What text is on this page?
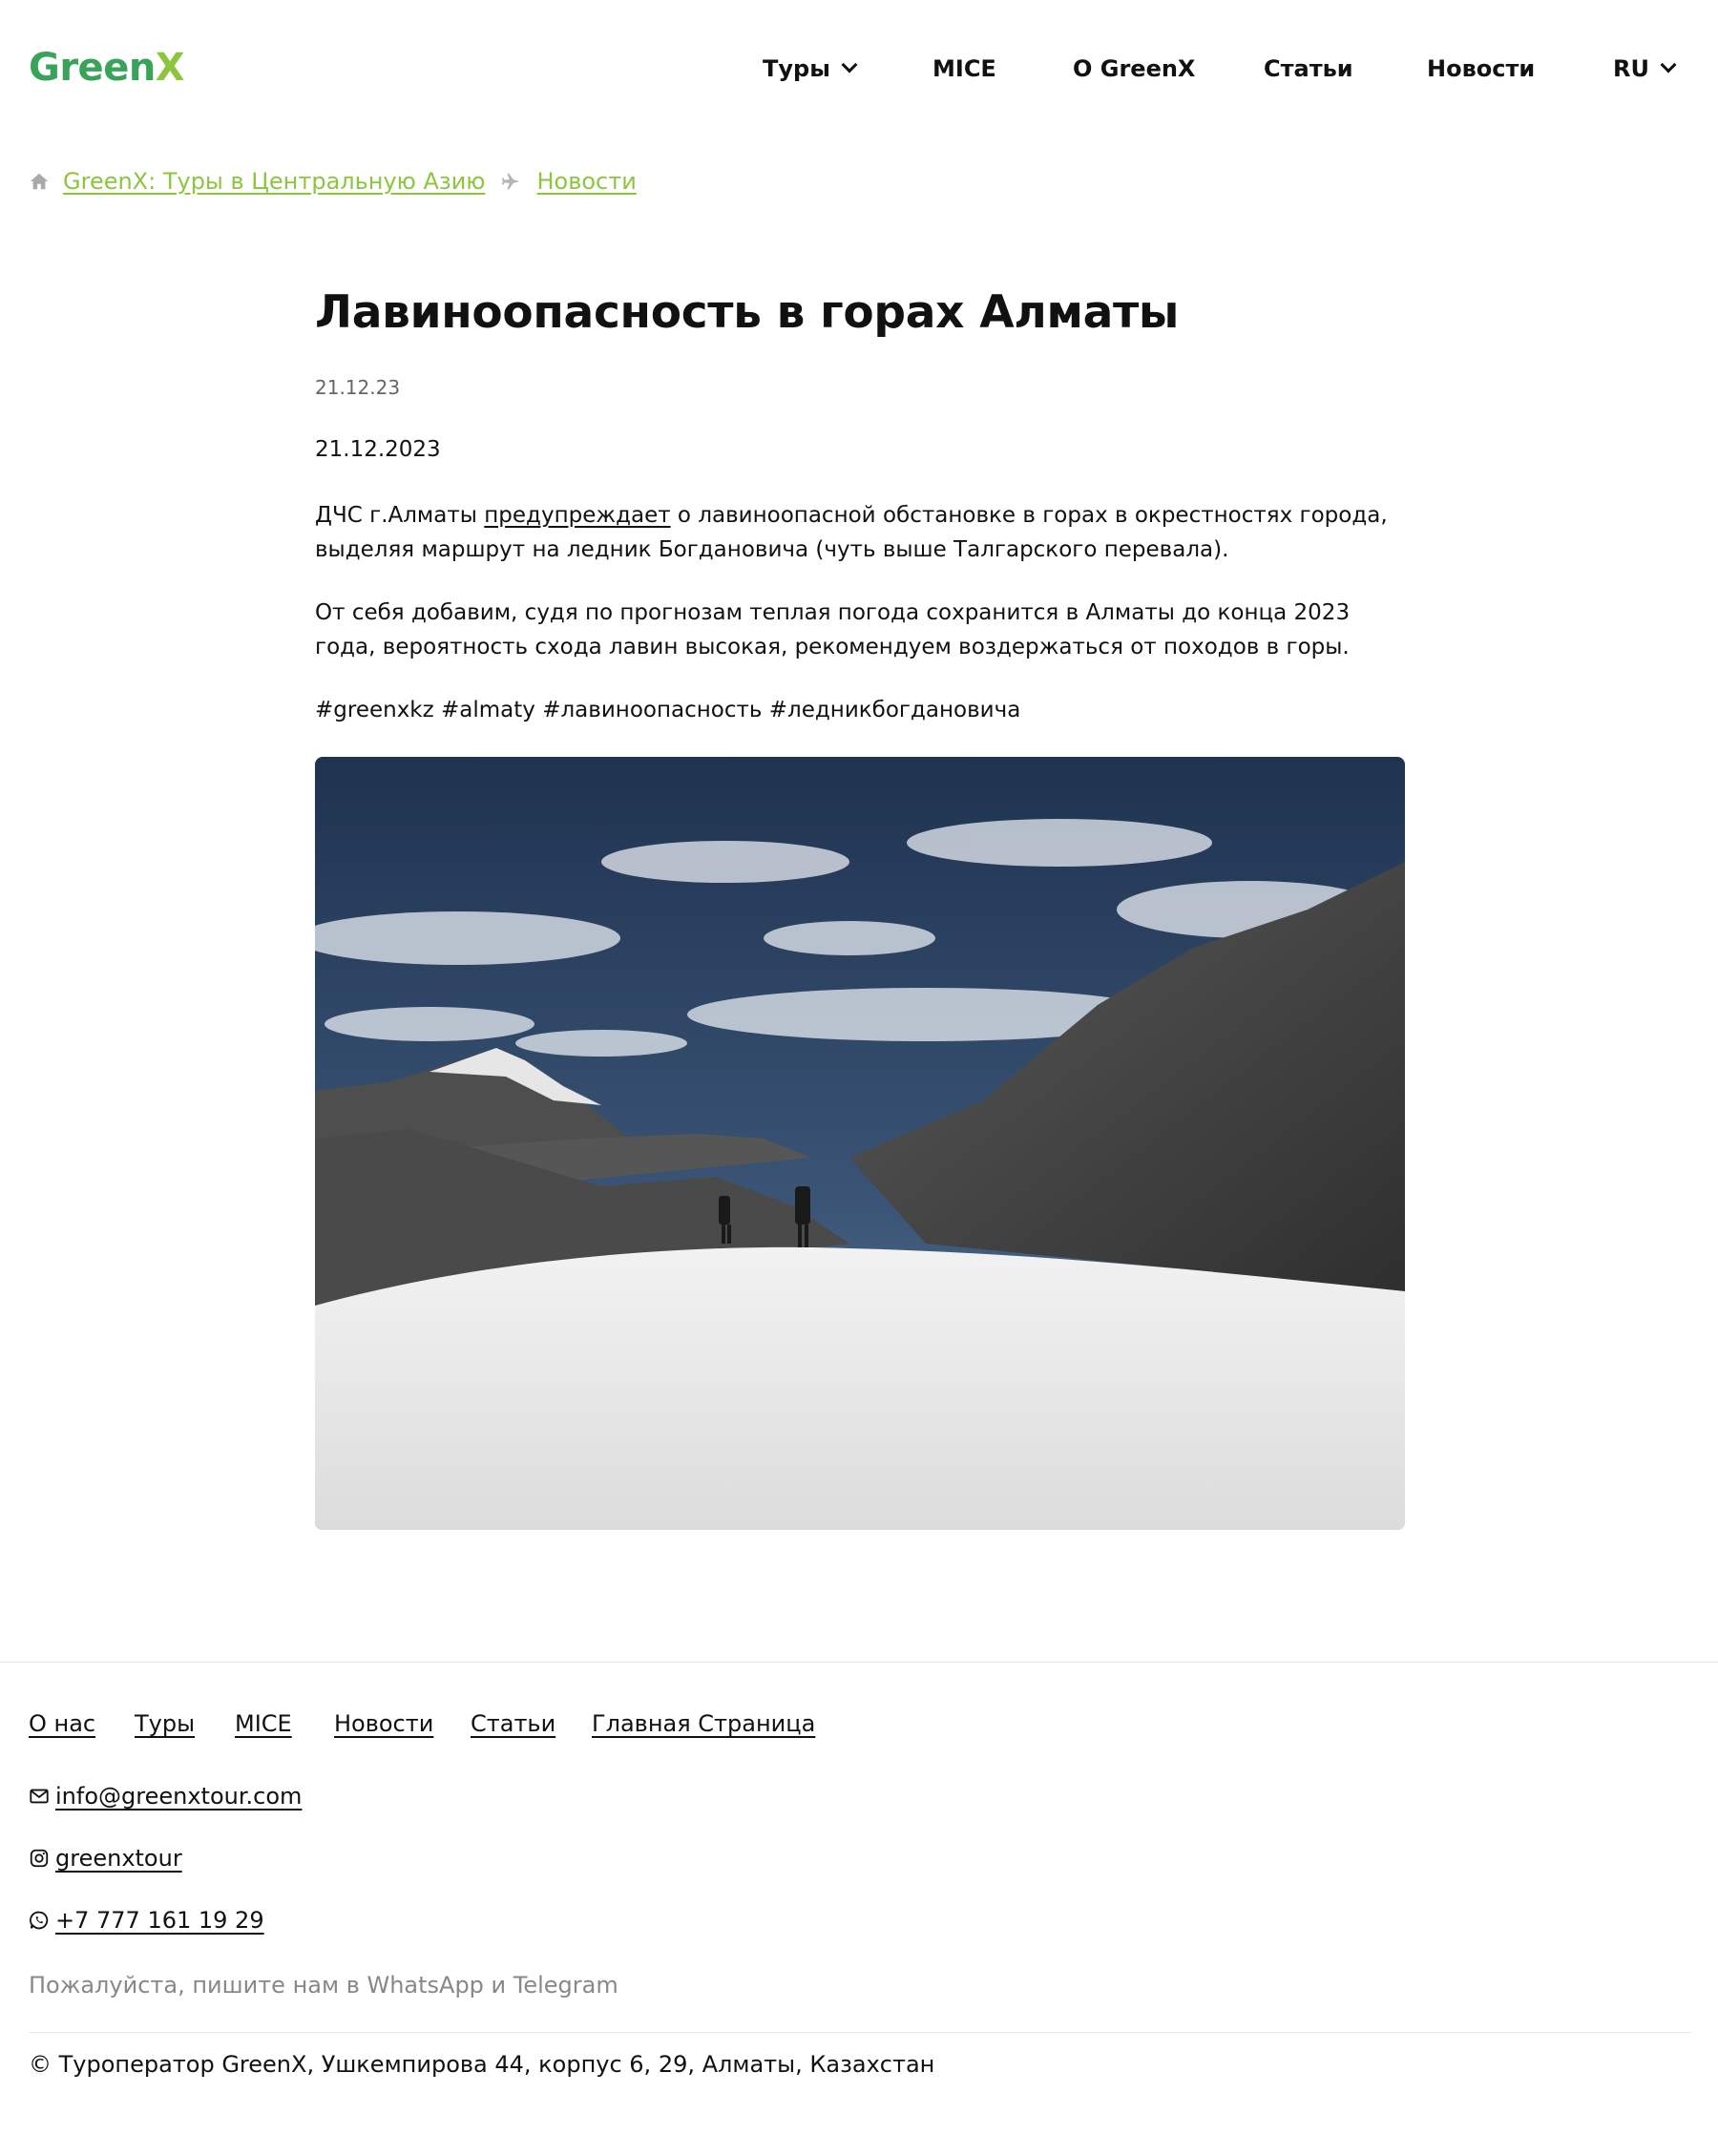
GreenX	Туры	MICE	О GreenX	Статьи	Новости	RU
GreenX: Туры в Центральную Азию Новости
Лавиноопасность в горах Алматы
21.12.23
21.12.2023

ДЧС г.Алматы предупреждает о лавиноопасной обстановке в горах в окрестностях города, выделяя маршрут на ледник Богдановича (чуть выше Талгарского перевала).

От себя добавим, судя по прогнозам теплая погода сохранится в Алматы до конца 2023 года, вероятность схода лавин высокая, рекомендуем воздержаться от походов в горы.

#greenxkz #almaty #лавиноопасность #ледникбогдановича

О нас Туры MICE Новости Статьи Главная Страница
info@greenxtour.com
greenxtour
+7 777 161 19 29
Пожалуйста, пишите нам в WhatsApp и Telegram
© Туроператор GreenX, Ушкемпирова 44, корпус 6, 29, Алматы, Казахстан
